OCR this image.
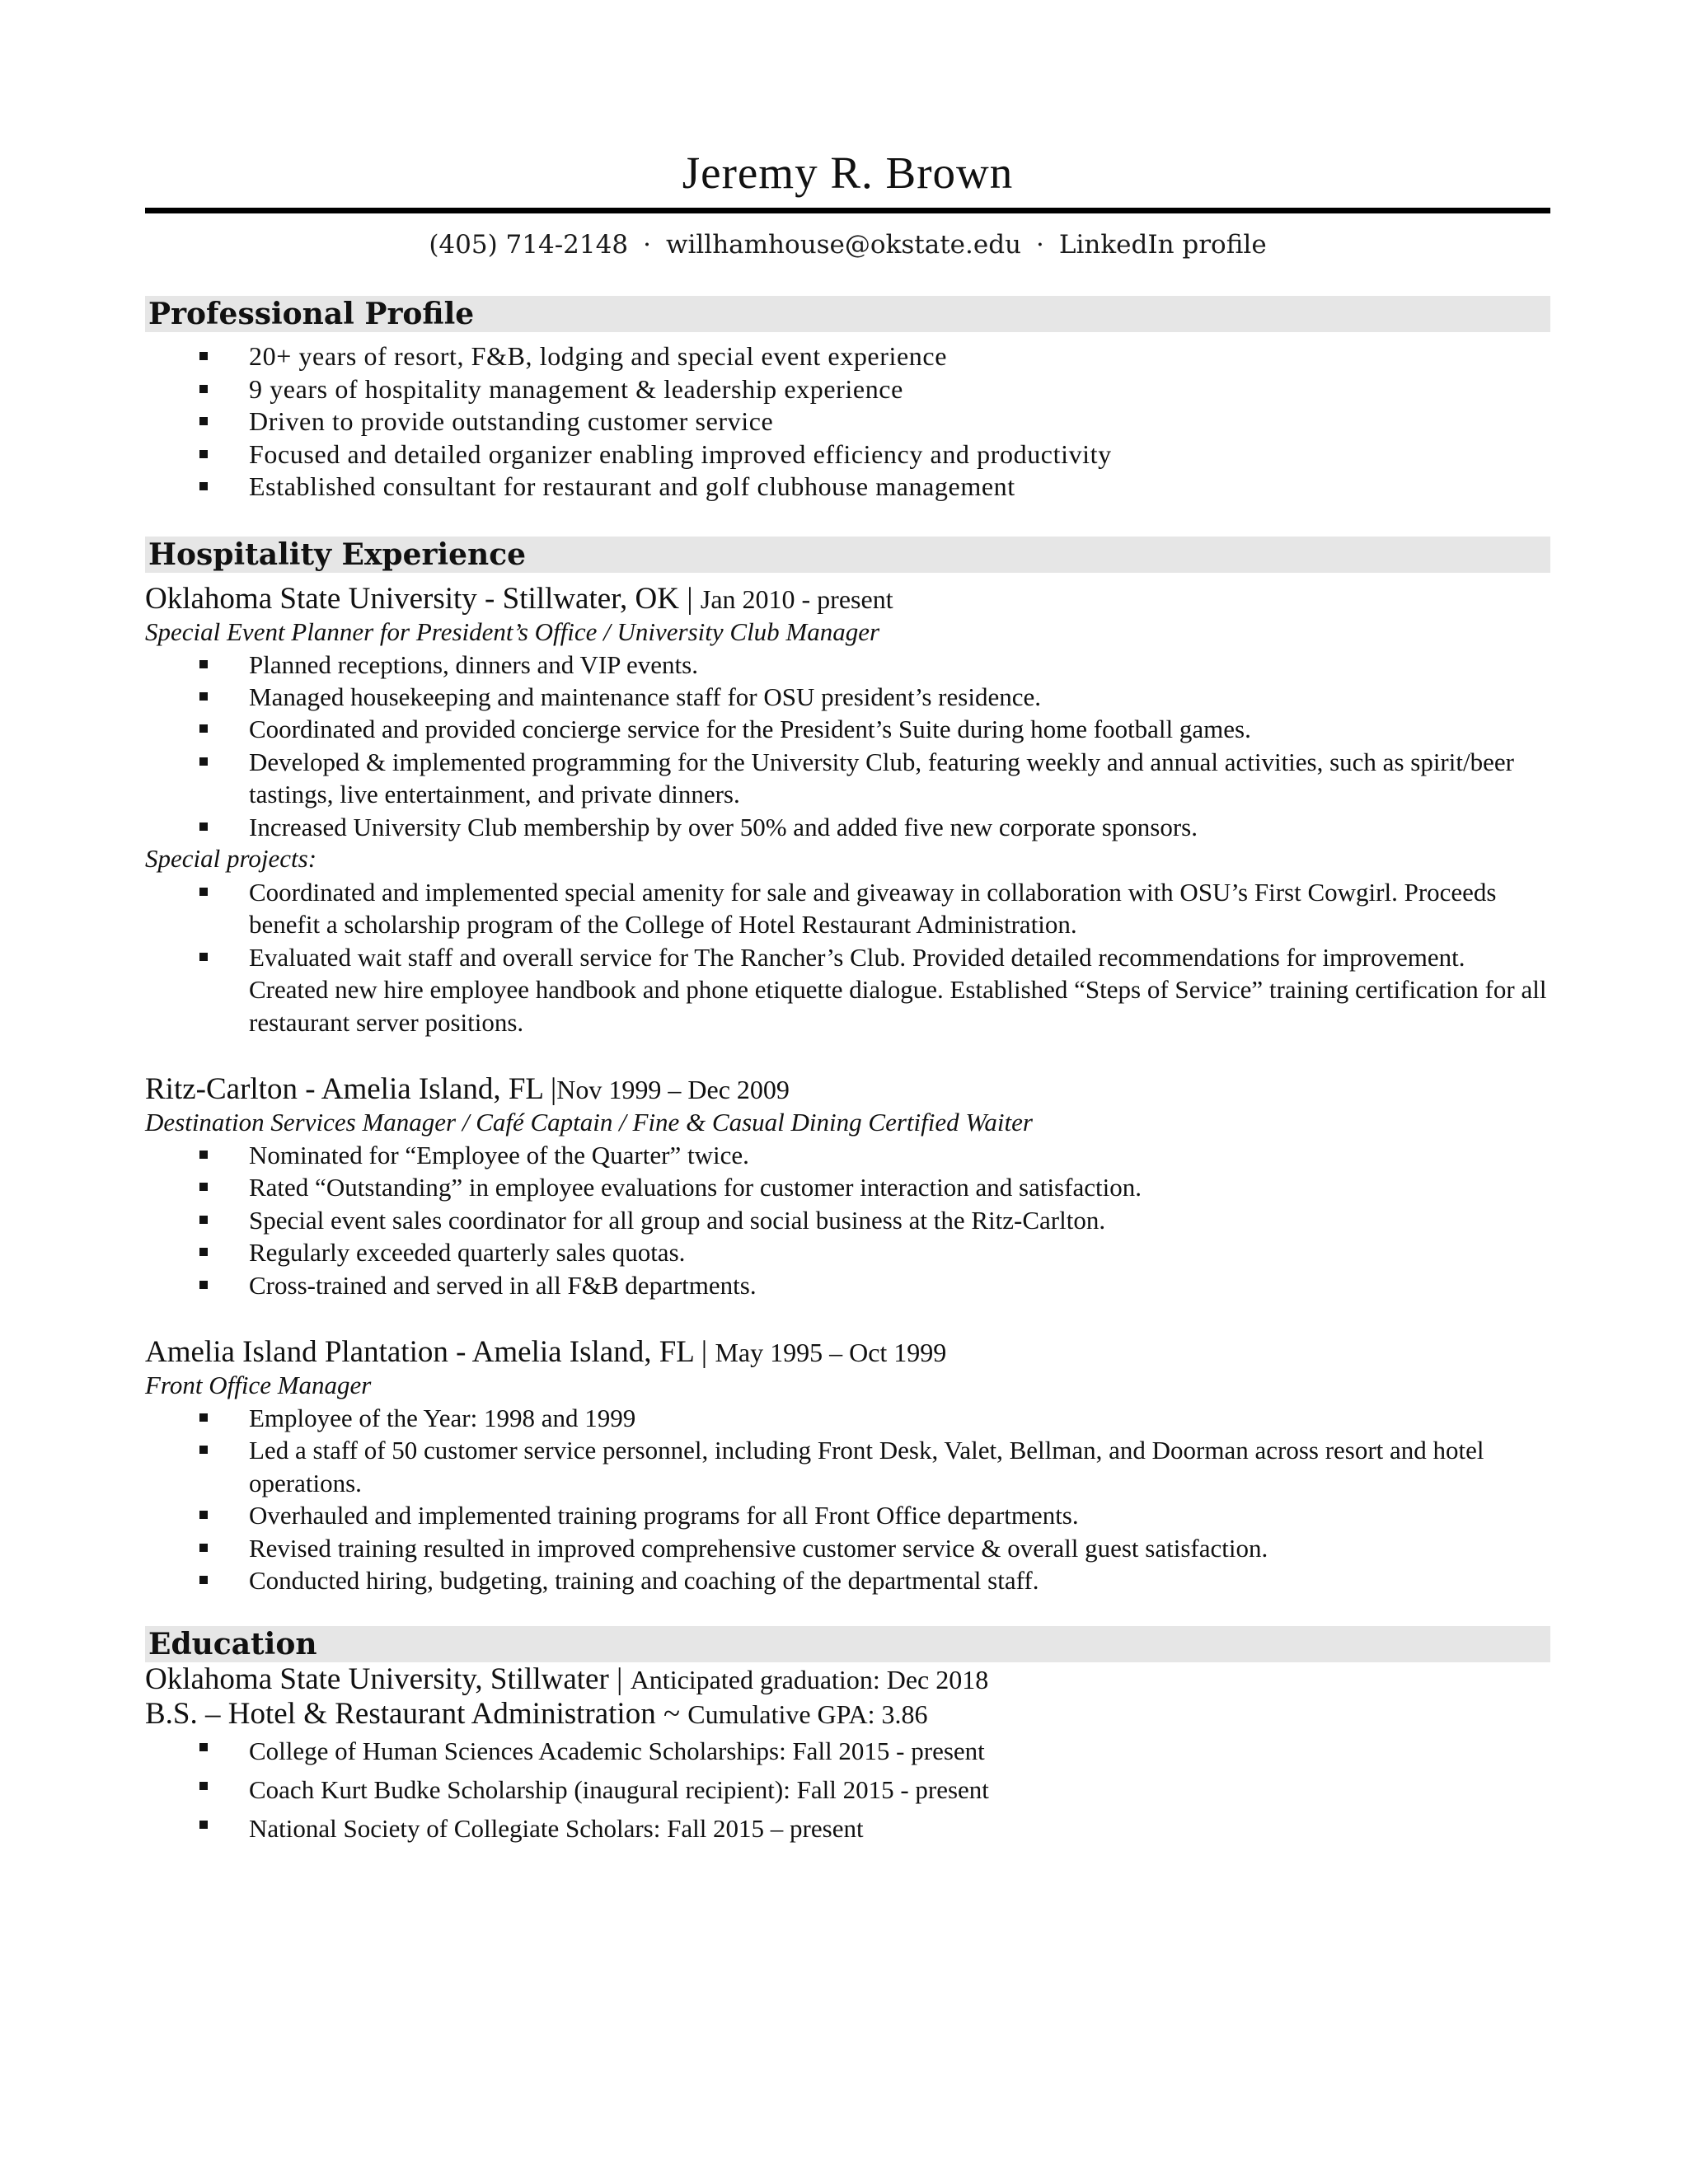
Jeremy R. Brown
(405) 714-2148 · willhamhouse@okstate.edu · LinkedIn profile
Professional Profile
20+ years of resort, F&B, lodging and special event experience
9 years of hospitality management & leadership experience
Driven to provide outstanding customer service
Focused and detailed organizer enabling improved efficiency and productivity
Established consultant for restaurant and golf clubhouse management
Hospitality Experience
Oklahoma State University - Stillwater, OK | Jan 2010 - present
Special Event Planner for President’s Office / University Club Manager
Planned receptions, dinners and VIP events.
Managed housekeeping and maintenance staff for OSU president’s residence.
Coordinated and provided concierge service for the President’s Suite during home football games.
Developed & implemented programming for the University Club, featuring weekly and annual activities, such as spirit/beer tastings, live entertainment, and private dinners.
Increased University Club membership by over 50% and added five new corporate sponsors.
Special projects:
Coordinated and implemented special amenity for sale and giveaway in collaboration with OSU’s First Cowgirl. Proceeds benefit a scholarship program of the College of Hotel Restaurant Administration.
Evaluated wait staff and overall service for The Rancher’s Club. Provided detailed recommendations for improvement. Created new hire employee handbook and phone etiquette dialogue. Established “Steps of Service” training certification for all restaurant server positions.
Ritz-Carlton - Amelia Island, FL |Nov 1999 – Dec 2009
Destination Services Manager / Café Captain / Fine & Casual Dining Certified Waiter
Nominated for “Employee of the Quarter” twice.
Rated “Outstanding” in employee evaluations for customer interaction and satisfaction.
Special event sales coordinator for all group and social business at the Ritz-Carlton.
Regularly exceeded quarterly sales quotas.
Cross-trained and served in all F&B departments.
Amelia Island Plantation - Amelia Island, FL | May 1995 – Oct 1999
Front Office Manager
Employee of the Year: 1998 and 1999
Led a staff of 50 customer service personnel, including Front Desk, Valet, Bellman, and Doorman across resort and hotel operations.
Overhauled and implemented training programs for all Front Office departments.
Revised training resulted in improved comprehensive customer service & overall guest satisfaction.
Conducted hiring, budgeting, training and coaching of the departmental staff.
Education
Oklahoma State University, Stillwater | Anticipated graduation: Dec 2018
B.S. – Hotel & Restaurant Administration ~ Cumulative GPA: 3.86
College of Human Sciences Academic Scholarships: Fall 2015 - present
Coach Kurt Budke Scholarship (inaugural recipient): Fall 2015 - present
National Society of Collegiate Scholars: Fall 2015 – present
